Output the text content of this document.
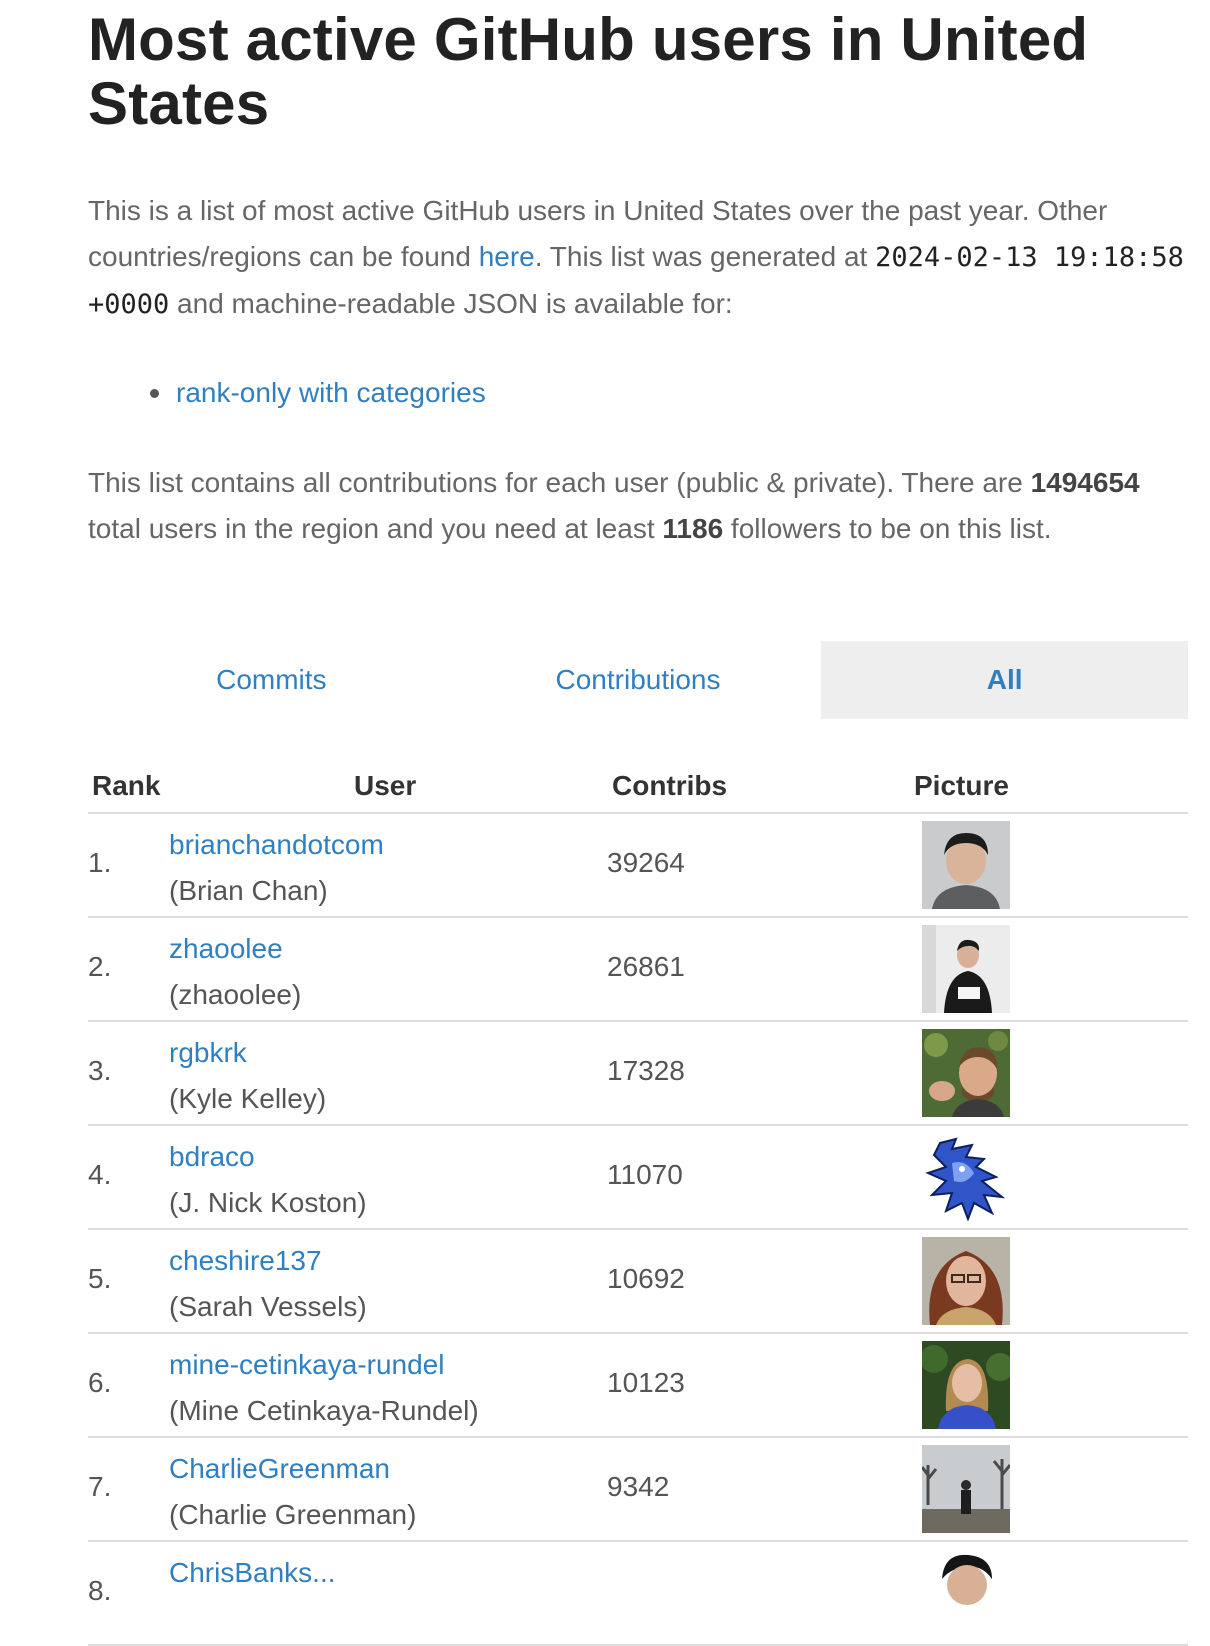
Most active GitHub users in United States

This is a list of most active GitHub users in United States over the past year. Other countries/regions can be found here. This list was generated at 2024-02-13 19:18:58 +0000 and machine-readable JSON is available for:

rank-only with categories

This list contains all contributions for each user (public & private). There are 1494654 total users in the region and you need at least 1186 followers to be on this list.

Commits	Contributions	All
Rank	User	Contribs	Picture
1.
brianchandotcom
(Brian Chan)
39264
2.
zhaoolee
(zhaoolee)
26861
3.
rgbkrk
(Kyle Kelley)
17328
4.
bdraco
(J. Nick Koston)
11070
5.
cheshire137
(Sarah Vessels)
10692
6.
mine-cetinkaya-rundel
(Mine Cetinkaya-Rundel)
10123
7.
CharlieGreenman
(Charlie Greenman)
9342
8.
ChrisBanks...
